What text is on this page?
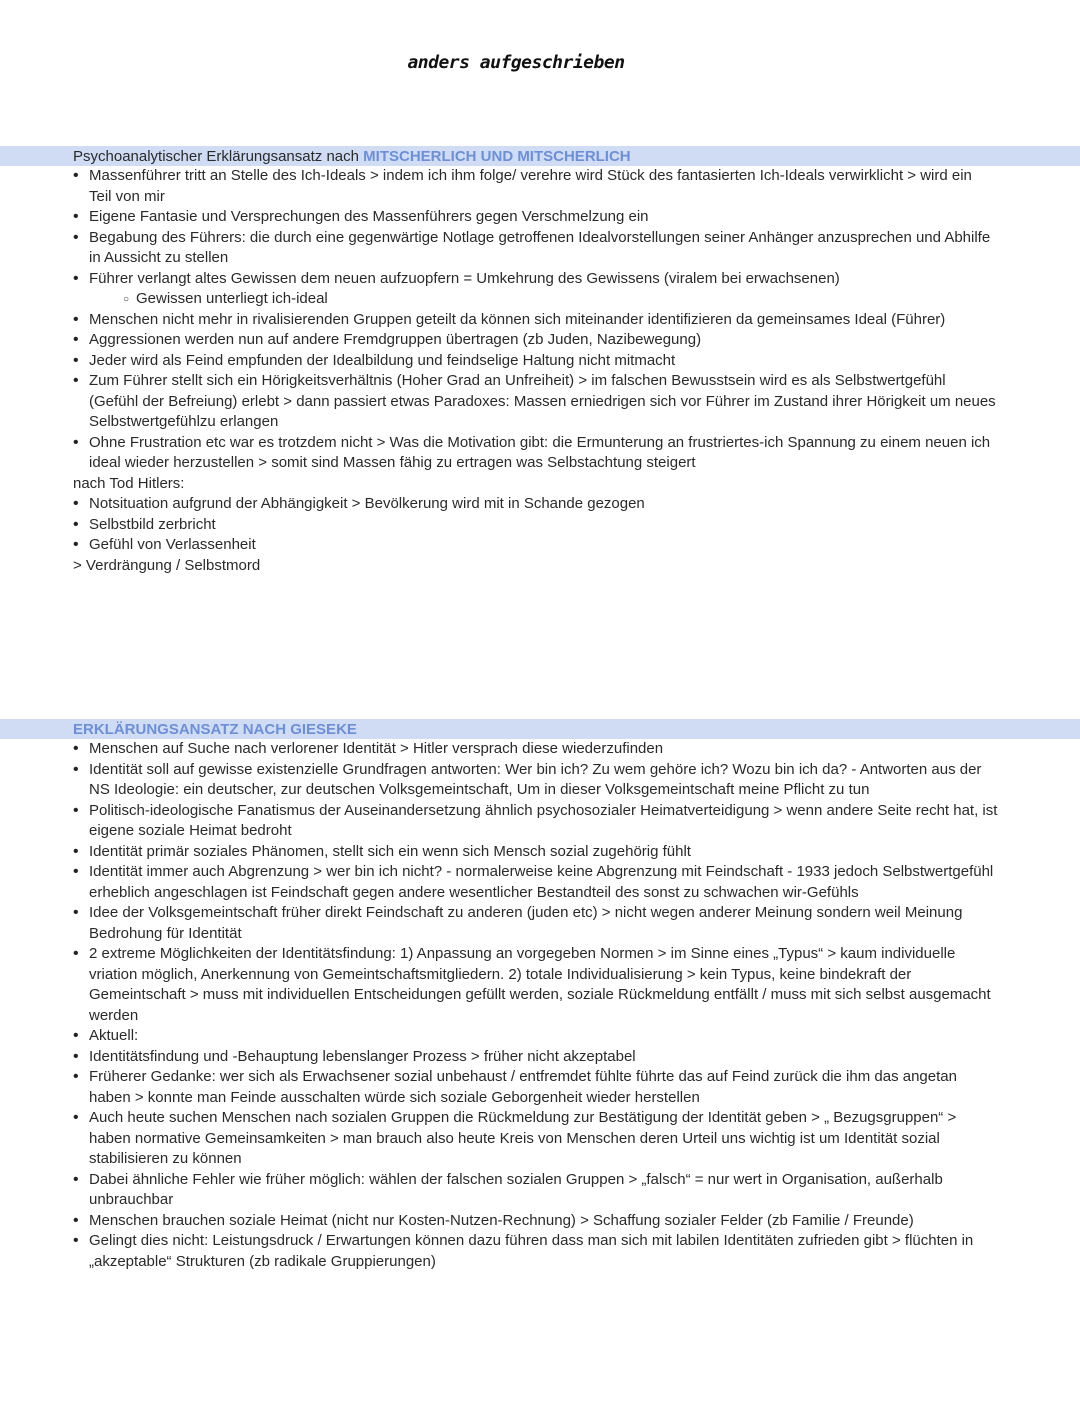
anders aufgeschrieben
Psychoanalytischer Erklärungsansatz nach MITSCHERLICH UND MITSCHERLICH
• Massenführer tritt an Stelle des Ich-Ideals > indem ich ihm folge/ verehre wird Stück des fantasierten Ich-Ideals verwirklicht > wird ein Teil von mir
• Eigene Fantasie und Versprechungen des Massenführers gegen Verschmelzung ein
• Begabung des Führers: die durch eine gegenwärtige Notlage getroffenen Idealvorstellungen seiner Anhänger anzusprechen und Abhilfe in Aussicht zu stellen
• Führer verlangt altes Gewissen dem neuen aufzuopfern = Umkehrung des Gewissens (viralem bei erwachsenen)
○ Gewissen unterliegt ich-ideal
• Menschen nicht mehr in rivalisierenden Gruppen geteilt da können sich miteinander identifizieren da gemeinsames Ideal (Führer)
• Aggressionen werden nun auf andere Fremdgruppen übertragen (zb Juden, Nazibewegung)
• Jeder wird als Feind empfunden der Idealbildung und feindselige Haltung nicht mitmacht
• Zum Führer stellt sich ein Hörigkeitsverhältnis (Hoher Grad an Unfreiheit) > im falschen Bewusstsein wird es als Selbstwertgefühl (Gefühl der Befreiung) erlebt > dann passiert etwas Paradoxes: Massen erniedrigen sich vor Führer im Zustand ihrer Hörigkeit um neues Selbstwertgefühlzu erlangen
• Ohne Frustration etc war es trotzdem nicht > Was die Motivation gibt: die Ermunterung an frustriertes-ich Spannung zu einem neuen ich ideal wieder herzustellen > somit sind Massen fähig zu ertragen was Selbstachtung steigert
nach Tod Hitlers:
• Notsituation aufgrund der Abhängigkeit > Bevölkerung wird mit in Schande gezogen
• Selbstbild zerbricht
• Gefühl von Verlassenheit
> Verdrängung / Selbstmord
ERKLÄRUNGSANSATZ NACH GIESEKE
• Menschen auf Suche nach verlorener Identität > Hitler versprach diese wiederzufinden
• Identität soll auf gewisse existenzielle Grundfragen antworten: Wer bin ich? Zu wem gehöre ich? Wozu bin ich da? - Antworten aus der NS Ideologie: ein deutscher, zur deutschen Volksgemeintschaft, Um in dieser Volksgemeintschaft meine Pflicht zu tun
• Politisch-ideologische Fanatismus der Auseinandersetzung ähnlich psychosozialer Heimatverteidigung > wenn andere Seite recht hat, ist eigene soziale Heimat bedroht
• Identität primär soziales Phänomen, stellt sich ein wenn sich Mensch sozial zugehörig fühlt
• Identität immer auch Abgrenzung > wer bin ich nicht? - normalerweise keine Abgrenzung mit Feindschaft - 1933 jedoch Selbstwertgefühl erheblich angeschlagen ist Feindschaft gegen andere wesentlicher Bestandteil des sonst zu schwachen wir-Gefühls
• Idee der Volksgemeintschaft früher direkt Feindschaft zu anderen (juden etc) > nicht wegen anderer Meinung sondern weil Meinung Bedrohung für Identität
• 2 extreme Möglichkeiten der Identitätsfindung: 1) Anpassung an vorgegeben Normen > im Sinne eines „Typus“ > kaum individuelle vriation möglich, Anerkennung von Gemeintschaftsmitgliedern. 2) totale Individualisierung > kein Typus, keine bindekraft der Gemeintschaft > muss mit individuellen Entscheidungen gefüllt werden, soziale Rückmeldung entfällt / muss mit sich selbst ausgemacht werden
• Aktuell:
• Identitätsfindung und -Behauptung lebenslanger Prozess > früher nicht akzeptabel
• Früherer Gedanke: wer sich als Erwachsener sozial unbehaust / entfremdet fühlte führte das auf Feind zurück die ihm das angetan haben > konnte man Feinde ausschalten würde sich soziale Geborgenheit wieder herstellen
• Auch heute suchen Menschen nach sozialen Gruppen die Rückmeldung zur Bestätigung der Identität geben > „ Bezugsgruppen“ > haben normative Gemeinsamkeiten > man brauch also heute Kreis von Menschen deren Urteil uns wichtig ist um Identität sozial stabilisieren zu können
• Dabei ähnliche Fehler wie früher möglich: wählen der falschen sozialen Gruppen > „falsch“ = nur wert in Organisation, außerhalb unbrauchbar
• Menschen brauchen soziale Heimat (nicht nur Kosten-Nutzen-Rechnung) > Schaffung sozialer Felder (zb Familie / Freunde)
• Gelingt dies nicht: Leistungsdruck / Erwartungen können dazu führen dass man sich mit labilen Identitäten zufrieden gibt > flüchten in „akzeptable“ Strukturen (zb radikale Gruppierungen)
